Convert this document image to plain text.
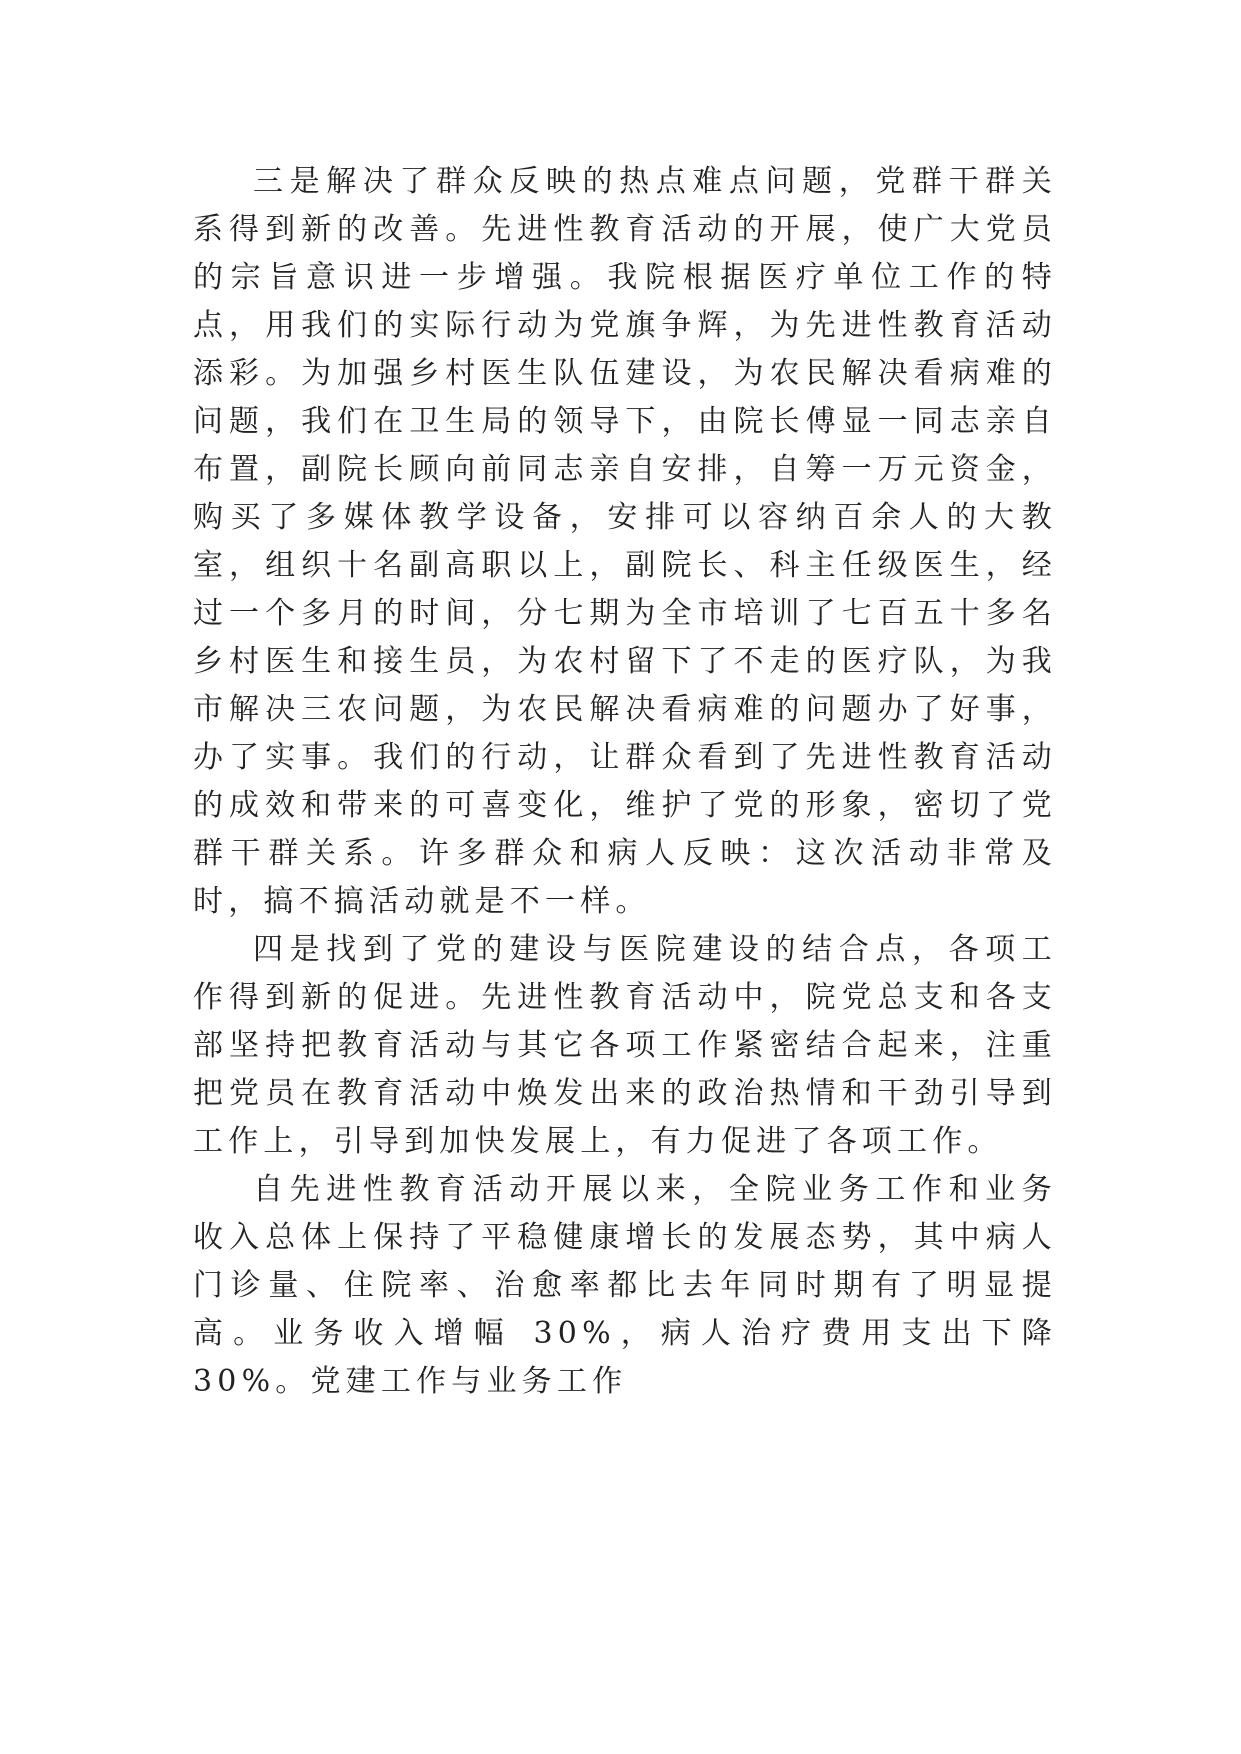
三是解决了群众反映的热点难点问题，党群干群关系得到新的改善。先进性教育活动的开展，使广大党员的宗旨意识进一步增强。我院根据医疗单位工作的特点，用我们的实际行动为党旗争辉，为先进性教育活动添彩。为加强乡村医生队伍建设，为农民解决看病难的问题，我们在卫生局的领导下，由院长傅显一同志亲自布置，副院长顾向前同志亲自安排，自筹一万元资金，购买了多媒体教学设备，安排可以容纳百余人的大教室，组织十名副高职以上，副院长、科主任级医生，经过一个多月的时间，分七期为全市培训了七百五十多名乡村医生和接生员，为农村留下了不走的医疗队，为我市解决三农问题，为农民解决看病难的问题办了好事，办了实事。我们的行动，让群众看到了先进性教育活动的成效和带来的可喜变化，维护了党的形象，密切了党群干群关系。许多群众和病人反映：这次活动非常及时，搞不搞活动就是不一样。

四是找到了党的建设与医院建设的结合点，各项工作得到新的促进。先进性教育活动中，院党总支和各支部坚持把教育活动与其它各项工作紧密结合起来，注重把党员在教育活动中焕发出来的政治热情和干劲引导到工作上，引导到加快发展上，有力促进了各项工作。

自先进性教育活动开展以来，全院业务工作和业务收入总体上保持了平稳健康增长的发展态势，其中病人门诊量、住院率、治愈率都比去年同时期有了明显提高。业务收入增幅 30%，病人治疗费用支出下降 30%。党建工作与业务工作
